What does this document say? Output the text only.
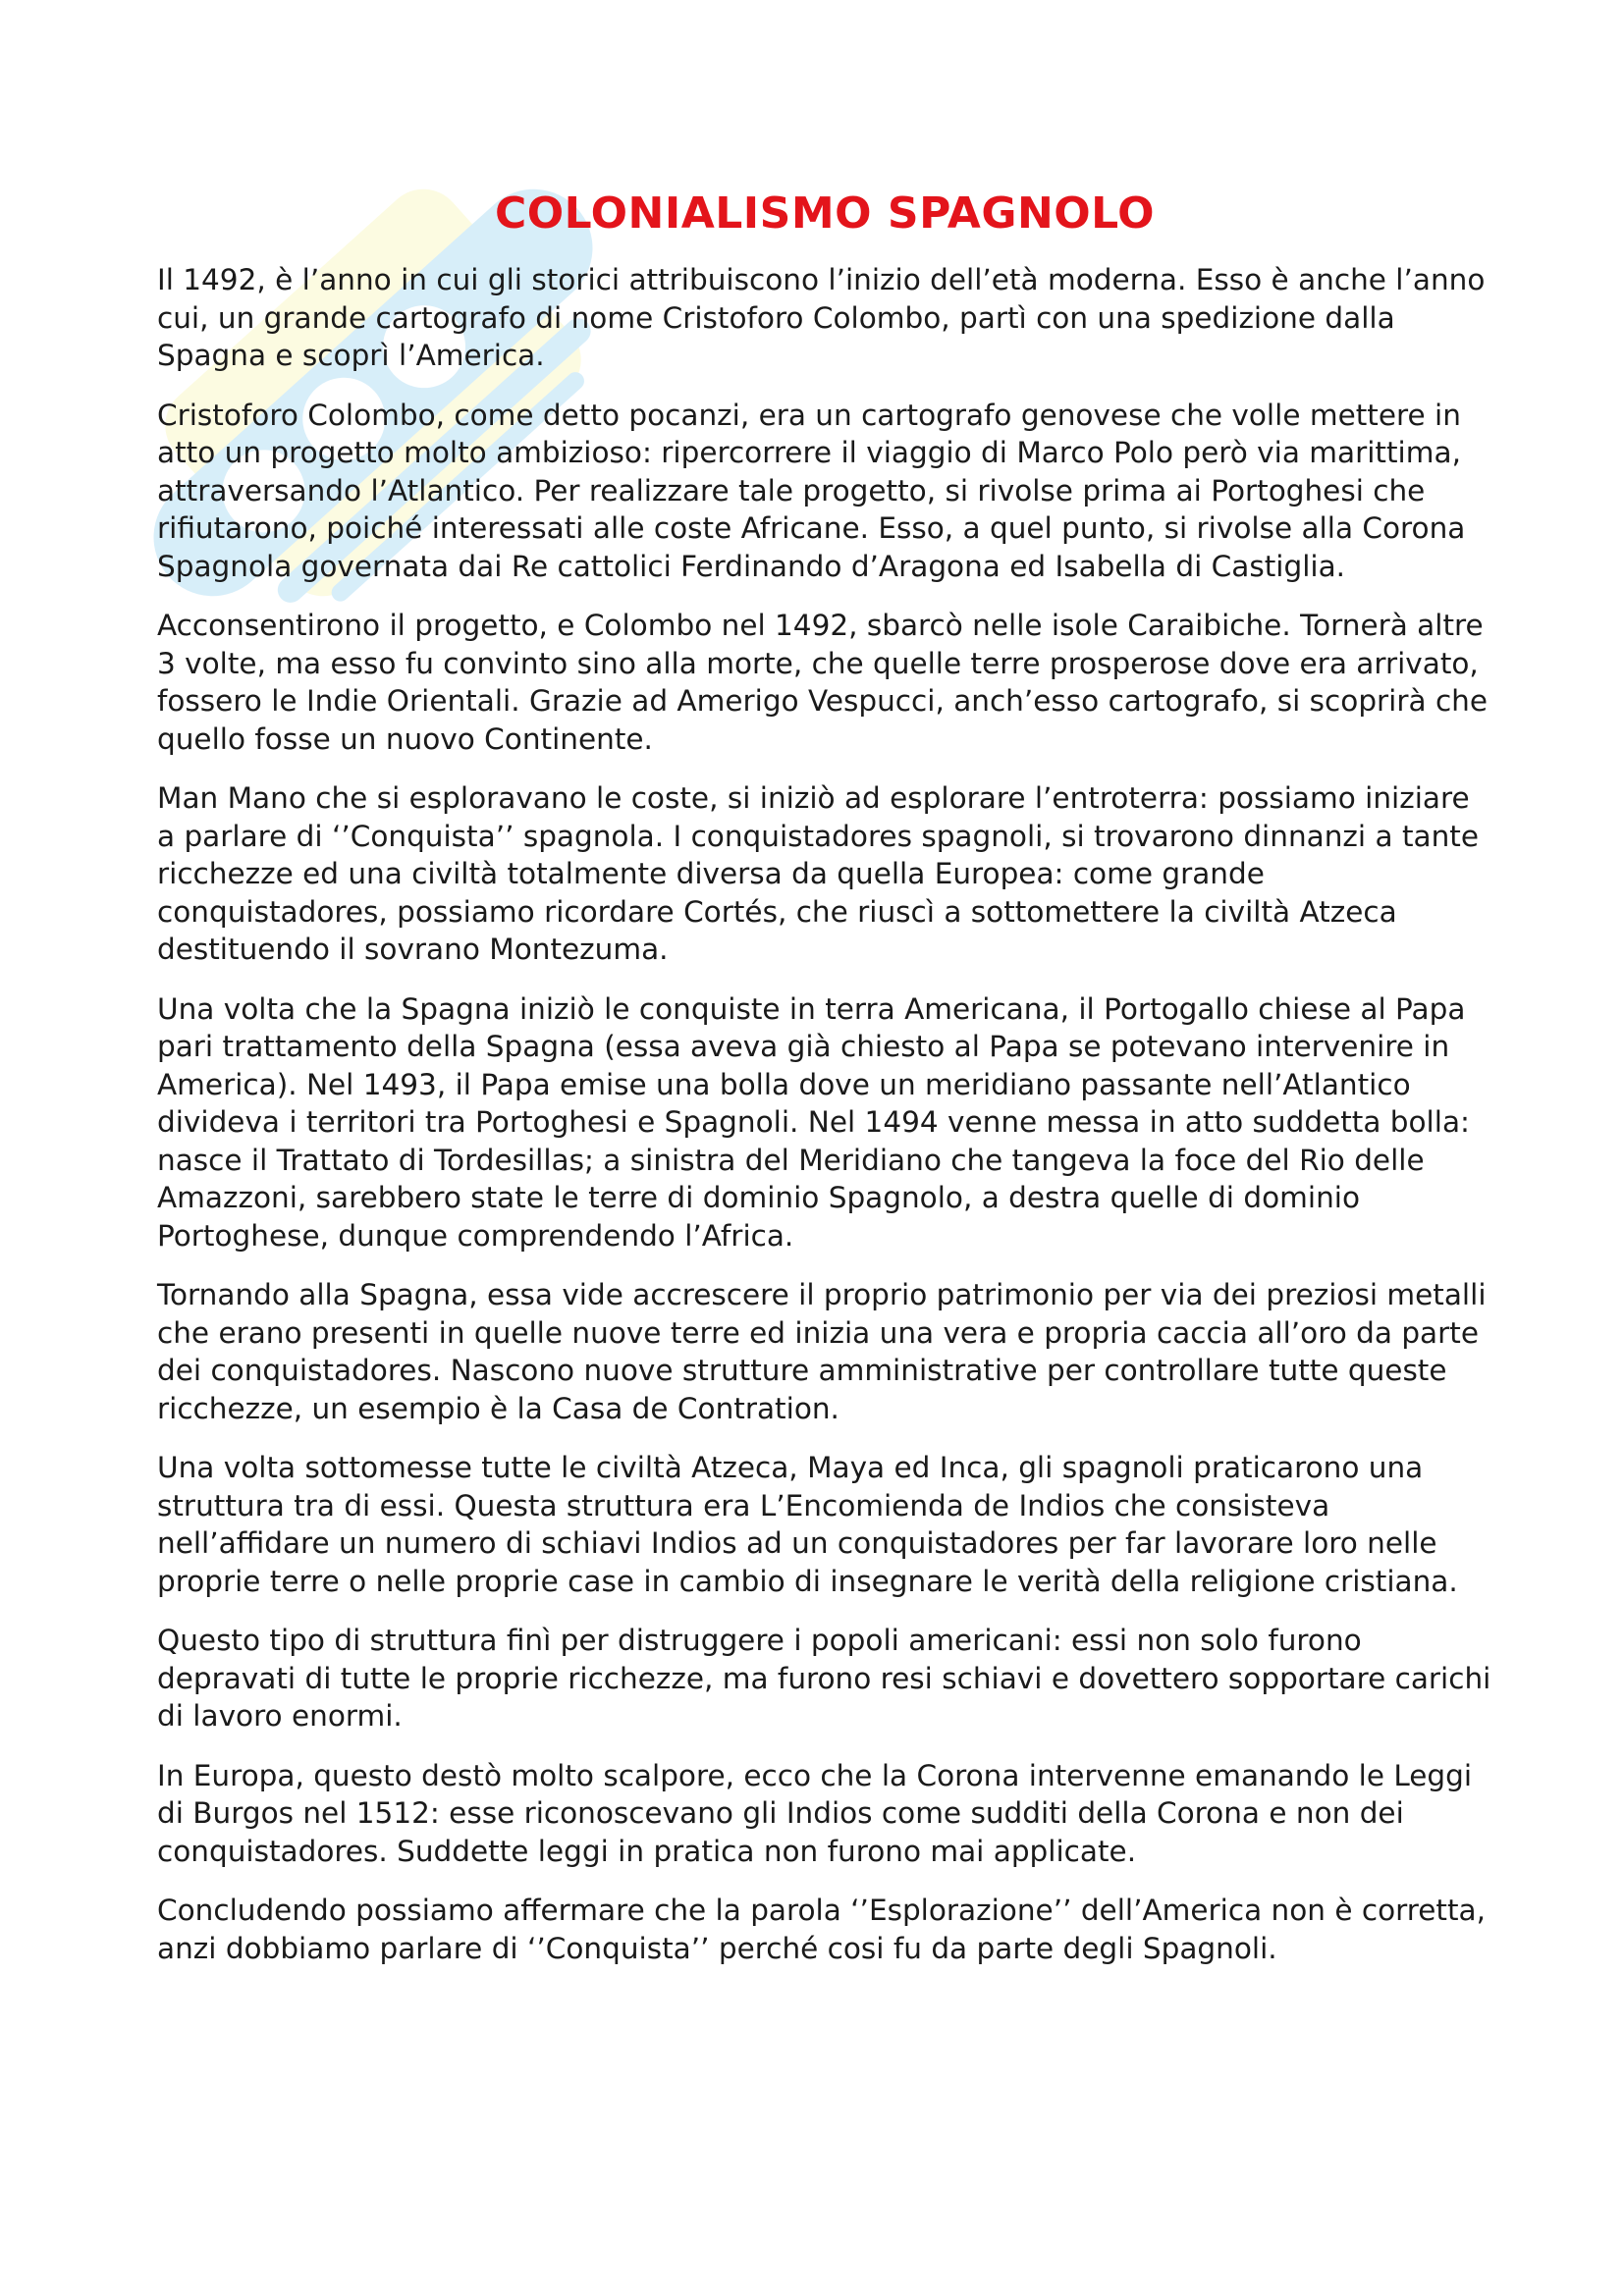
COLONIALISMO SPAGNOLO

Il 1492, è l’anno in cui gli storici attribuiscono l’inizio dell’età moderna. Esso è anche l’anno cui, un grande cartografo di nome Cristoforo Colombo, partì con una spedizione dalla Spagna e scoprì l’America.

Cristoforo Colombo, come detto pocanzi, era un cartografo genovese che volle mettere in atto un progetto molto ambizioso: ripercorrere il viaggio di Marco Polo però via marittima, attraversando l’Atlantico. Per realizzare tale progetto, si rivolse prima ai Portoghesi che rifiutarono, poiché interessati alle coste Africane. Esso, a quel punto, si rivolse alla Corona Spagnola governata dai Re cattolici Ferdinando d’Aragona ed Isabella di Castiglia.

Acconsentirono il progetto, e Colombo nel 1492, sbarcò nelle isole Caraibiche. Tornerà altre 3 volte, ma esso fu convinto sino alla morte, che quelle terre prosperose dove era arrivato, fossero le Indie Orientali. Grazie ad Amerigo Vespucci, anch’esso cartografo, si scoprirà che quello fosse un nuovo Continente.

Man Mano che si esploravano le coste, si iniziò ad esplorare l’entroterra: possiamo iniziare a parlare di ‘’Conquista’’ spagnola. I conquistadores spagnoli, si trovarono dinnanzi a tante ricchezze ed una civiltà totalmente diversa da quella Europea: come grande conquistadores, possiamo ricordare Cortés, che riuscì a sottomettere la civiltà Atzeca destituendo il sovrano Montezuma.

Una volta che la Spagna iniziò le conquiste in terra Americana, il Portogallo chiese al Papa pari trattamento della Spagna (essa aveva già chiesto al Papa se potevano intervenire in America). Nel 1493, il Papa emise una bolla dove un meridiano passante nell’Atlantico divideva i territori tra Portoghesi e Spagnoli. Nel 1494 venne messa in atto suddetta bolla: nasce il Trattato di Tordesillas; a sinistra del Meridiano che tangeva la foce del Rio delle Amazzoni, sarebbero state le terre di dominio Spagnolo, a destra quelle di dominio Portoghese, dunque comprendendo l’Africa.

Tornando alla Spagna, essa vide accrescere il proprio patrimonio per via dei preziosi metalli che erano presenti in quelle nuove terre ed inizia una vera e propria caccia all’oro da parte dei conquistadores. Nascono nuove strutture amministrative per controllare tutte queste ricchezze, un esempio è la Casa de Contration.

Una volta sottomesse tutte le civiltà Atzeca, Maya ed Inca, gli spagnoli praticarono una struttura tra di essi. Questa struttura era L’Encomienda de Indios che consisteva nell’affidare un numero di schiavi Indios ad un conquistadores per far lavorare loro nelle proprie terre o nelle proprie case in cambio di insegnare le verità della religione cristiana.

Questo tipo di struttura finì per distruggere i popoli americani: essi non solo furono depravati di tutte le proprie ricchezze, ma furono resi schiavi e dovettero sopportare carichi di lavoro enormi.

In Europa, questo destò molto scalpore, ecco che la Corona intervenne emanando le Leggi di Burgos nel 1512: esse riconoscevano gli Indios come sudditi della Corona e non dei conquistadores. Suddette leggi in pratica non furono mai applicate.

Concludendo possiamo affermare che la parola ‘’Esplorazione’’ dell’America non è corretta, anzi dobbiamo parlare di ‘’Conquista’’ perché cosi fu da parte degli Spagnoli.
